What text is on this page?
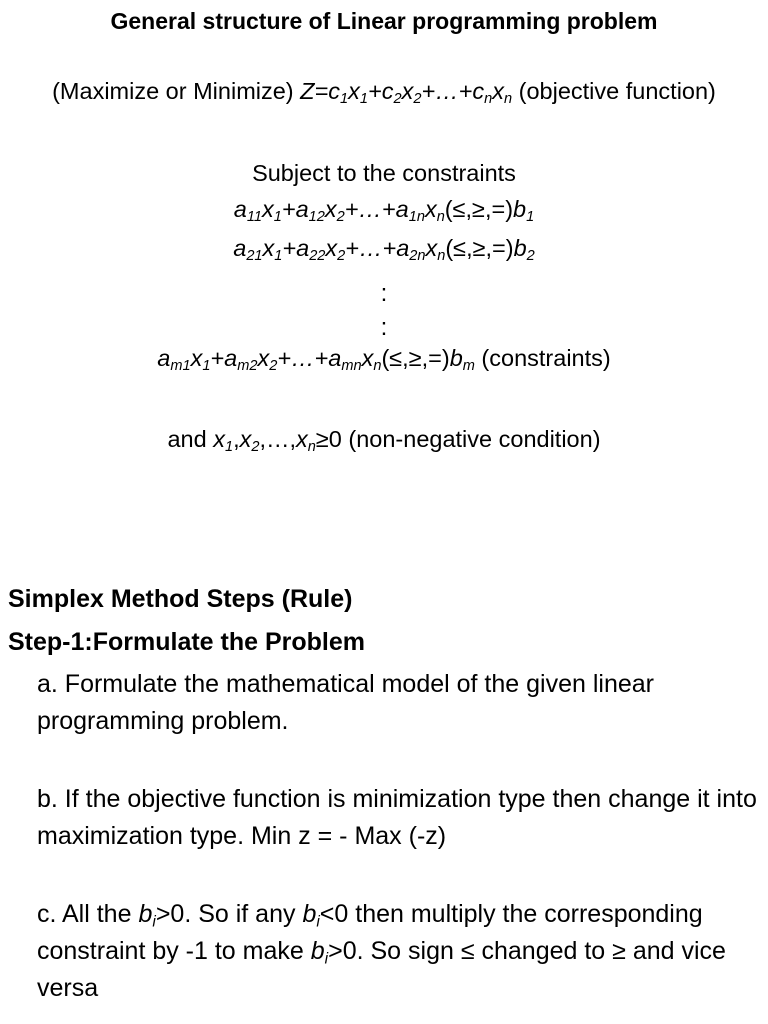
General structure of Linear programming problem
(Maximize or Minimize) $Z=c_1x_1+c_2x_2+\dots+c_nx_n$ (objective function)
Subject to the constraints
$a_{11}x_1+a_{12}x_2+\dots+a_{1n}x_n(\le,\ge,=)b_1$
$a_{21}x_1+a_{22}x_2+\dots+a_{2n}x_n(\le,\ge,=)b_2$
:
:
$a_{m1}x_1+a_{m2}x_2+\dots+a_{mn}x_n(\le,\ge,=)b_m$ (constraints)
and $x_1,x_2,\dots,x_n\ge 0$ (non-negative condition)
Simplex Method Steps (Rule)
Step-1:Formulate the Problem
a. Formulate the mathematical model of the given linear programming problem.
b. If the objective function is minimization type then change it into maximization type. Min z = - Max (-z)
c. All the $b_i>0$. So if any $b_i<0$ then multiply the corresponding constraint by -1 to make $b_i>0$. So sign ≤ changed to ≥ and vice versa
